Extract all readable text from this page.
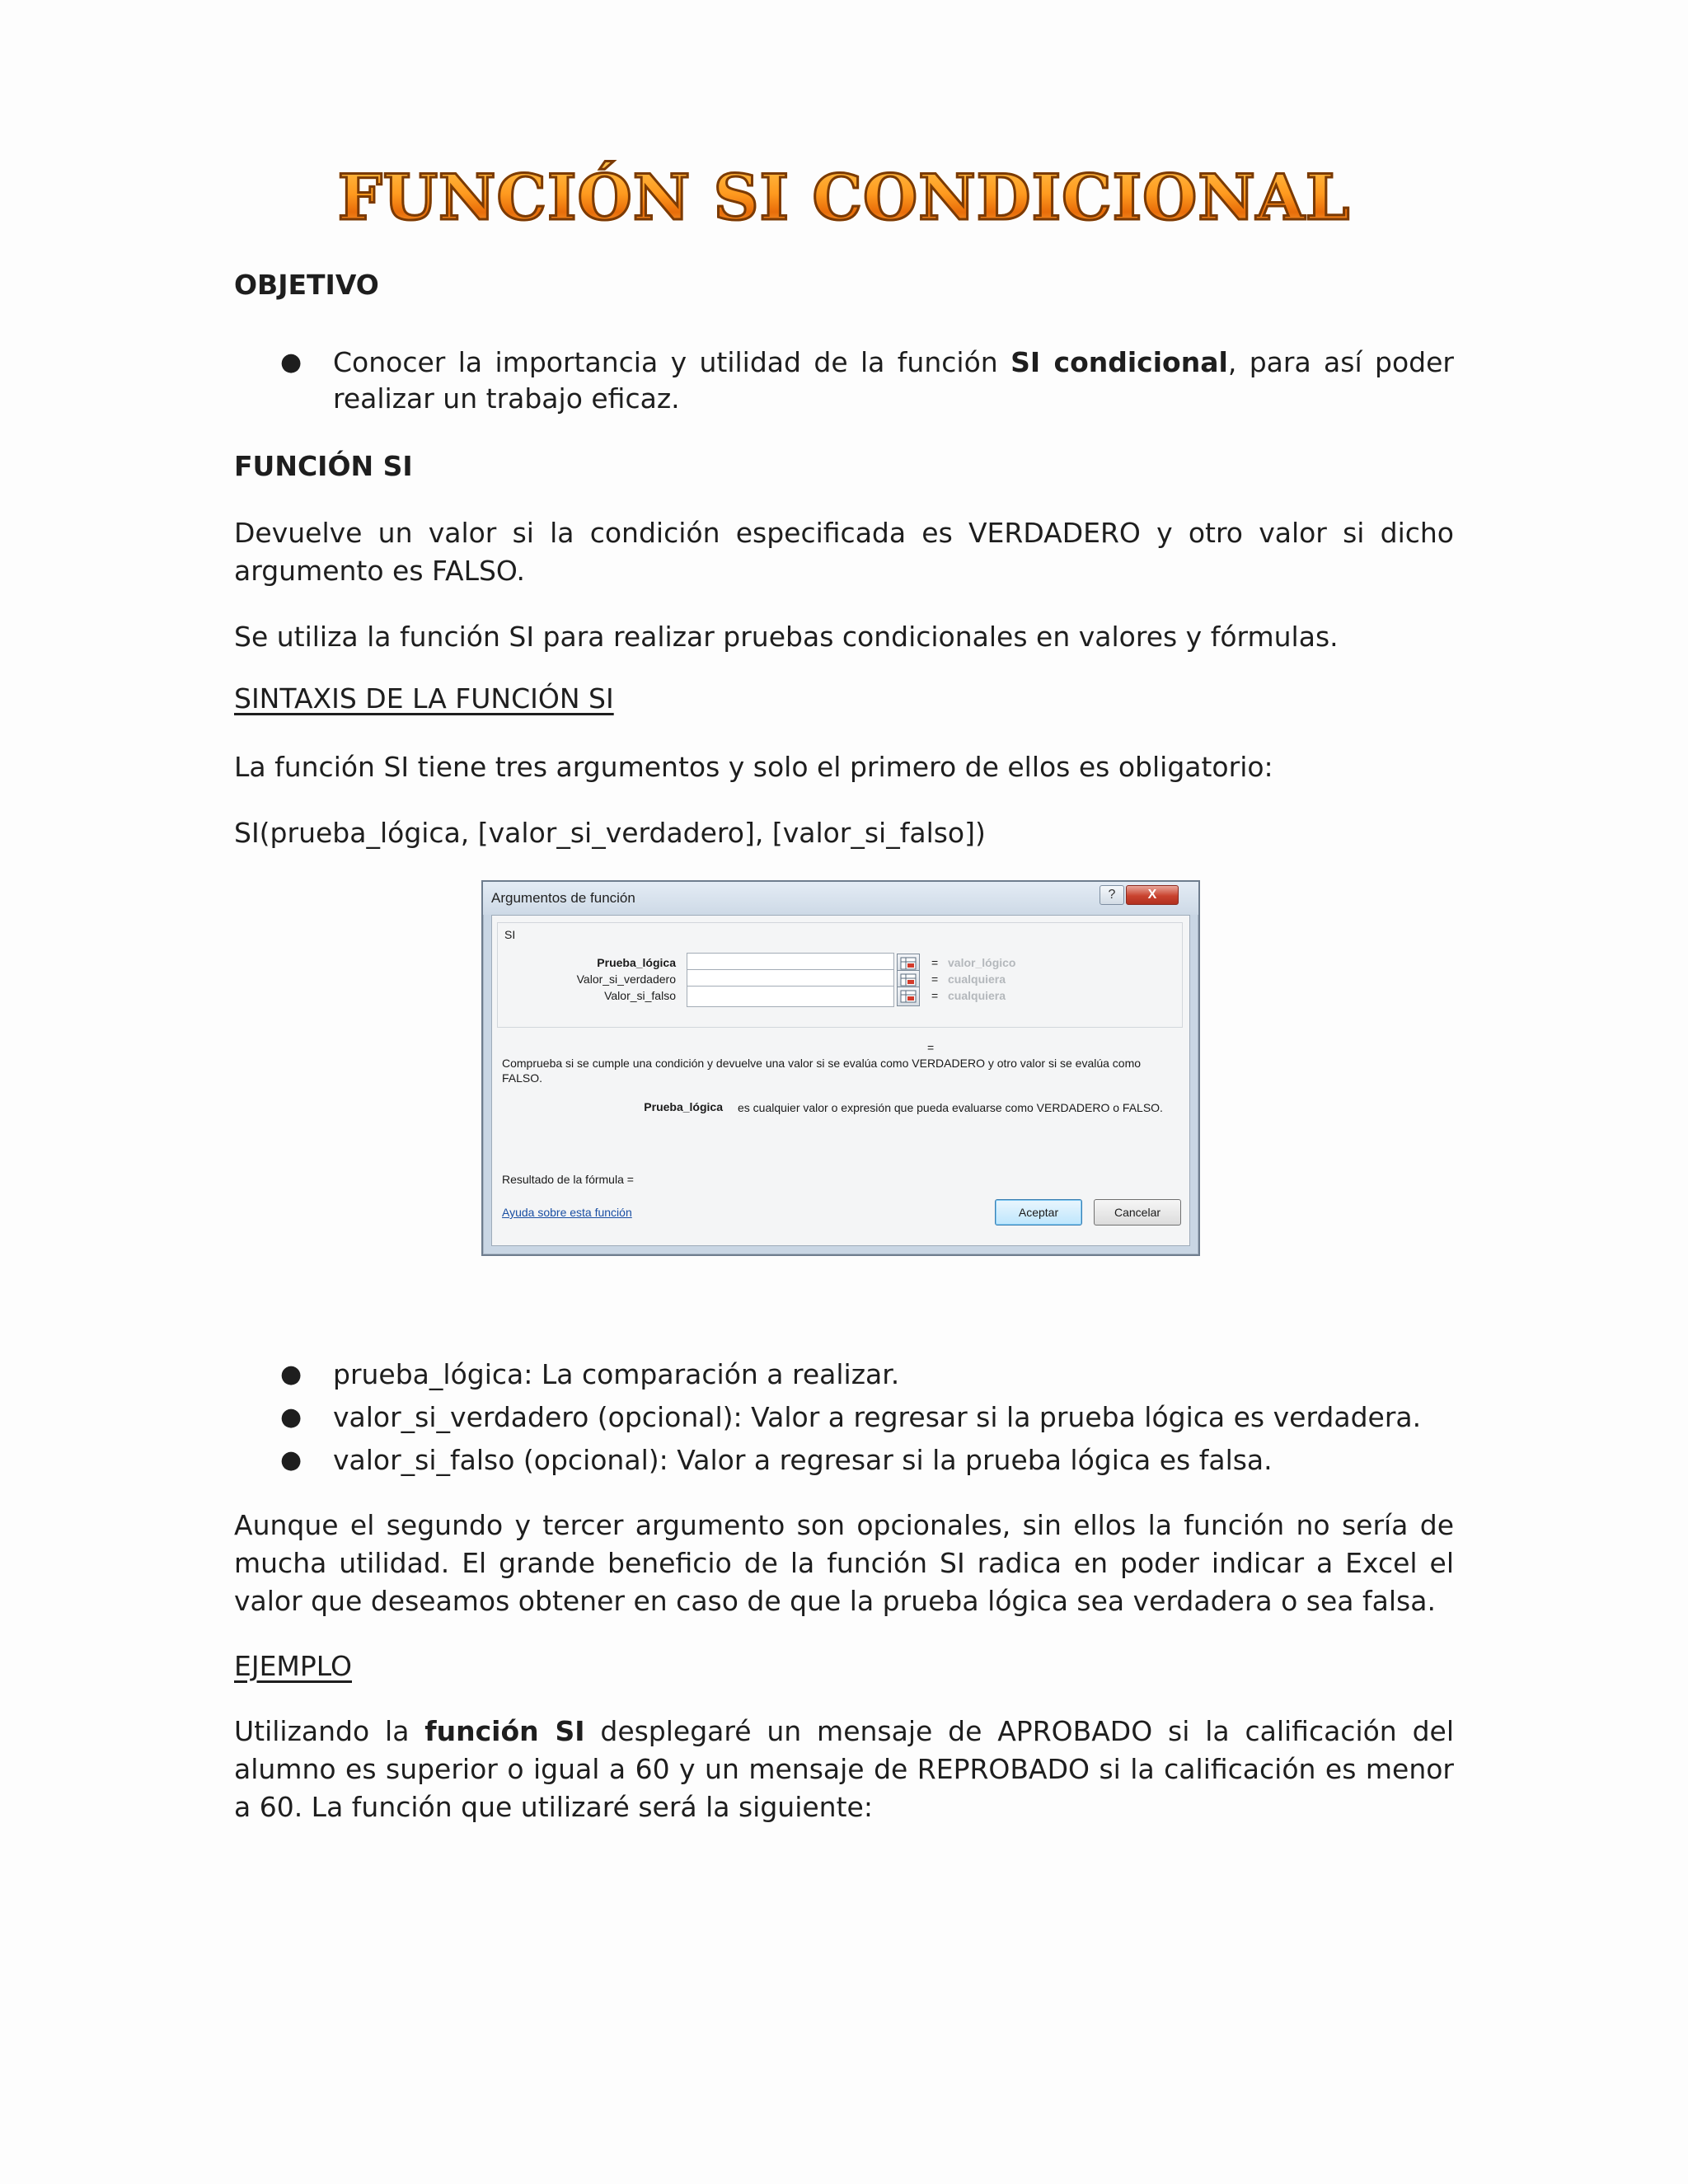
FUNCIÓN SI CONDICIONAL
OBJETIVO
●	Conocer la importancia y utilidad de la función SI condicional, para así poder realizar un trabajo eficaz.
FUNCIÓN SI
Devuelve un valor si la condición especificada es VERDADERO y otro valor si dicho argumento es FALSO.
Se utiliza la función SI para realizar pruebas condicionales en valores y fórmulas.
SINTAXIS DE LA FUNCIÓN SI
La función SI tiene tres argumentos y solo el primero de ellos es obligatorio:
SI(prueba_lógica, [valor_si_verdadero], [valor_si_falso])
Argumentos de función	?	X
SI
Prueba_lógica	= valor_lógico
Valor_si_verdadero	= cualquiera
Valor_si_falso	= cualquiera
=
Comprueba si se cumple una condición y devuelve una valor si se evalúa como VERDADERO y otro valor si se evalúa como FALSO.
Prueba_lógica es cualquier valor o expresión que pueda evaluarse como VERDADERO o FALSO.
Resultado de la fórmula =
Ayuda sobre esta función	Aceptar	Cancelar
●	prueba_lógica: La comparación a realizar.
●	valor_si_verdadero (opcional): Valor a regresar si la prueba lógica es verdadera.
●	valor_si_falso (opcional): Valor a regresar si la prueba lógica es falsa.
Aunque el segundo y tercer argumento son opcionales, sin ellos la función no sería de mucha utilidad. El grande beneficio de la función SI radica en poder indicar a Excel el valor que deseamos obtener en caso de que la prueba lógica sea verdadera o sea falsa.
EJEMPLO
Utilizando la función SI desplegaré un mensaje de APROBADO si la calificación del alumno es superior o igual a 60 y un mensaje de REPROBADO si la calificación es menor a 60. La función que utilizaré será la siguiente:
